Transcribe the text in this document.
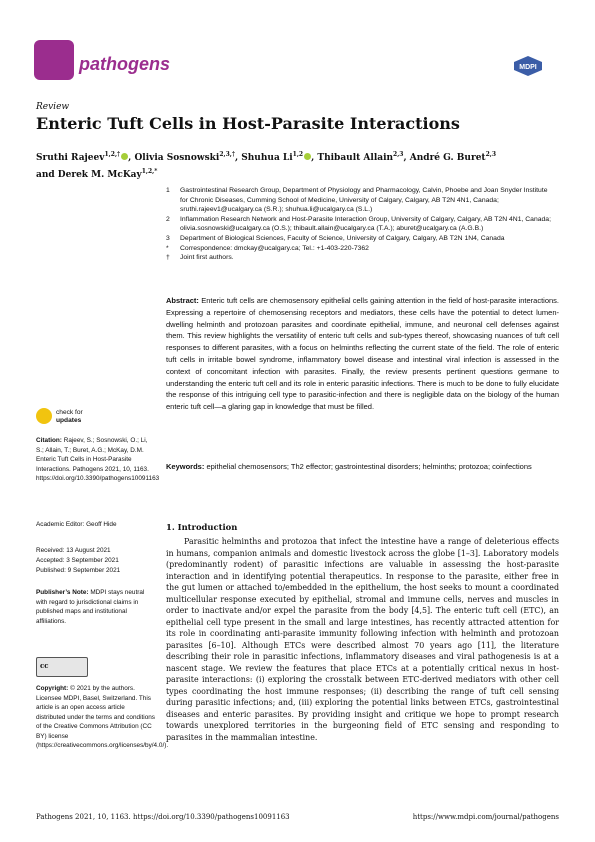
pathogens	MDPI
Review
Enteric Tuft Cells in Host-Parasite Interactions
Sruthi Rajeev$^{1,2,\dagger}$ , Olivia Sosnowski$^{2,3,\dagger}$, Shuhua Li$^{1,2}$ , Thibault Allain$^{2,3}$, André G. Buret$^{2,3}$
and Derek M. McKay$^{1,2,*}$
1 Gastrointestinal Research Group, Department of Physiology and Pharmacology, Calvin, Phoebe and Joan Snyder Institute for Chronic Diseases, Cumming School of Medicine, University of Calgary, Calgary, AB T2N 4N1, Canada; sruthi.rajeev1@ucalgary.ca (S.R.); shuhua.li@ucalgary.ca (S.L.)
2 Inflammation Research Network and Host-Parasite Interaction Group, University of Calgary, Calgary, AB T2N 4N1, Canada; olivia.sosnowski@ucalgary.ca (O.S.); thibault.allain@ucalgary.ca (T.A.); aburet@ucalgary.ca (A.G.B.)
3 Department of Biological Sciences, Faculty of Science, University of Calgary, Calgary, AB T2N 1N4, Canada
* Correspondence: dmckay@ucalgary.ca; Tel.: +1-403-220-7362
† Joint first authors.
Abstract: Enteric tuft cells are chemosensory epithelial cells gaining attention in the field of host-parasite interactions. Expressing a repertoire of chemosensing receptors and mediators, these cells have the potential to detect lumen-dwelling helminth and protozoan parasites and coordinate epithelial, immune, and neuronal cell defenses against them. This review highlights the versatility of enteric tuft cells and sub-types thereof, showcasing nuances of tuft cell responses to different parasites, with a focus on helminths reflecting the current state of the field. The role of enteric tuft cells in irritable bowel syndrome, inflammatory bowel disease and intestinal viral infection is assessed in the context of concomitant infection with parasites. Finally, the review presents pertinent questions germane to understanding the enteric tuft cell and its role in enteric parasitic infections. There is much to be done to fully elucidate the response of this intriguing cell type to parasitic-infection and there is negligible data on the biology of the human enteric tuft cell—a glaring gap in knowledge that must be filled.
Keywords: epithelial chemosensors; Th2 effector; gastrointestinal disorders; helminths; protozoa; coinfections
check for
updates
Citation: Rajeev, S.; Sosnowski, O.; Li, S.; Allain, T.; Buret, A.G.; McKay, D.M. Enteric Tuft Cells in Host-Parasite Interactions. Pathogens 2021, 10, 1163. https://doi.org/10.3390/pathogens10091163
Academic Editor: Geoff Hide
Received: 13 August 2021
Accepted: 3 September 2021
Published: 9 September 2021
Publisher’s Note: MDPI stays neutral with regard to jurisdictional claims in published maps and institutional affiliations.
cc
Copyright: © 2021 by the authors. Licensee MDPI, Basel, Switzerland. This article is an open access article distributed under the terms and conditions of the Creative Commons Attribution (CC BY) license (https://creativecommons.org/licenses/by/4.0/).
1. Introduction
Parasitic helminths and protozoa that infect the intestine have a range of deleterious effects in humans, companion animals and domestic livestock across the globe [1–3]. Laboratory models (predominantly rodent) of parasitic infections are valuable in assessing the host-parasite interaction and in identifying potential therapeutics. In response to the parasite, either free in the gut lumen or attached to/embedded in the epithelium, the host seeks to mount a coordinated multicellular response executed by epithelial, stromal and immune cells, nerves and muscles in order to inactivate and/or expel the parasite from the body [4,5]. The enteric tuft cell (ETC), an epithelial cell type present in the small and large intestines, has recently attracted attention for its role in coordinating anti-parasite immunity following infection with helminth and protozoan parasites [6–10]. Although ETCs were described almost 70 years ago [11], the literature describing their role in parasitic infections, inflammatory diseases and viral pathogenesis is at a nascent stage. We review the features that place ETCs at a potentially critical nexus in host-parasite interactions: (i) exploring the crosstalk between ETC-derived mediators with other cell types coordinating the host immune responses; (ii) describing the range of tuft cell sensing during parasitic infections; and, (iii) exploring the potential links between ETCs, gastrointestinal diseases and enteric parasites. By providing insight and critique we hope to prompt research towards unexplored territories in the burgeoning field of ETC sensing and responding to parasites in the mammalian intestine.
Pathogens 2021, 10, 1163. https://doi.org/10.3390/pathogens10091163	https://www.mdpi.com/journal/pathogens
